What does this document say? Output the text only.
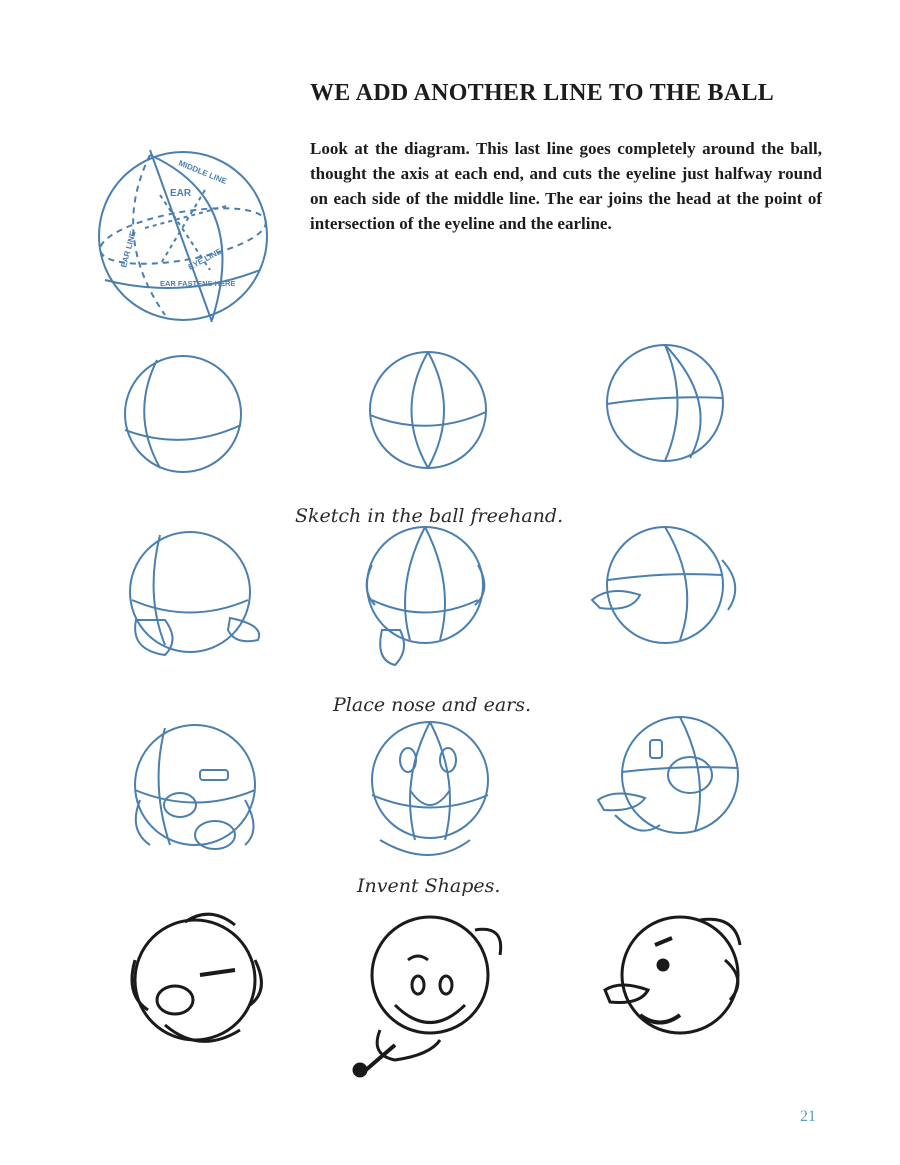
WE ADD ANOTHER LINE TO THE BALL
Look at the diagram. This last line goes completely around the ball, thought the axis at each end, and cuts the eyeline just halfway round on each side of the middle line. The ear joins the head at the point of intersection of the eyeline and the earline.
EAR
MIDDLE LINE
EAR LINE	EYE LINE
EAR FASTENS HERE
Sketch in the ball freehand.
Place nose and ears.
Invent Shapes.
21
